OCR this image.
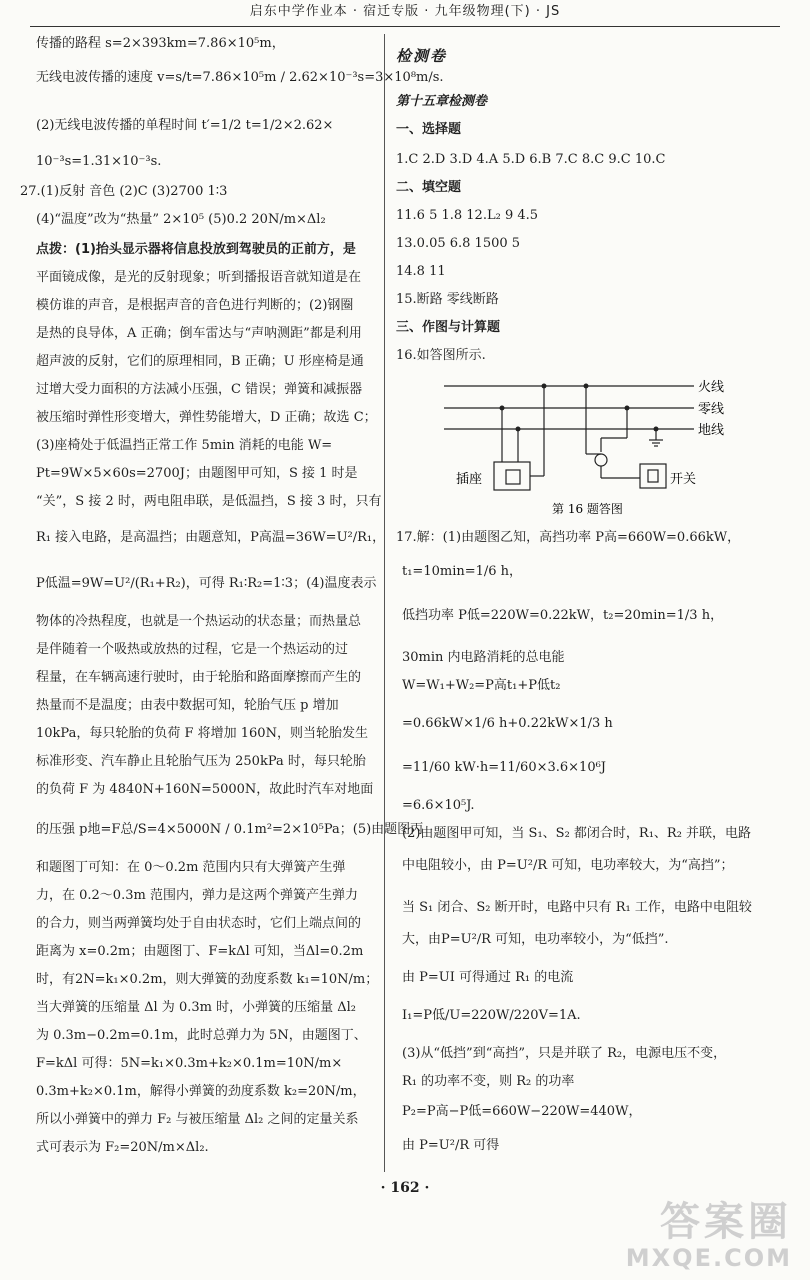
启东中学作业本 · 宿迁专版 · 九年级物理(下) · JS
传播的路程 s=2×393km=7.86×10⁵m，
无线电波传播的速度 v=s/t=7.86×10⁵m / 2.62×10⁻³s=3×10⁸m/s.
(2)无线电波传播的单程时间 t′=1/2 t=1/2×2.62×
10⁻³s=1.31×10⁻³s.
27.(1)反射 音色 (2)C (3)2700 1∶3
(4)“温度”改为“热量” 2×10⁵ (5)0.2 20N/m×Δl₂
点拨：(1)抬头显示器将信息投放到驾驶员的正前方，是
平面镜成像，是光的反射现象；听到播报语音就知道是在
模仿谁的声音，是根据声音的音色进行判断的；(2)钢圈
是热的良导体，A 正确；倒车雷达与“声呐测距”都是利用
超声波的反射，它们的原理相同，B 正确；U 形座椅是通
过增大受力面积的方法减小压强，C 错误；弹簧和减振器
被压缩时弹性形变增大，弹性势能增大，D 正确；故选 C；
(3)座椅处于低温挡正常工作 5min 消耗的电能 W=
Pt=9W×5×60s=2700J；由题图甲可知，S 接 1 时是
“关”，S 接 2 时，两电阻串联，是低温挡，S 接 3 时，只有
R₁ 接入电路，是高温挡；由题意知，P高温=36W=U²/R₁，
P低温=9W=U²/(R₁+R₂)，可得 R₁∶R₂=1∶3；(4)温度表示
物体的冷热程度，也就是一个热运动的状态量；而热量总
是伴随着一个吸热或放热的过程，它是一个热运动的过
程量，在车辆高速行驶时，由于轮胎和路面摩擦而产生的
热量而不是温度；由表中数据可知，轮胎气压 p 增加
10kPa，每只轮胎的负荷 F 将增加 160N，则当轮胎发生
标准形变、汽车静止且轮胎气压为 250kPa 时，每只轮胎
的负荷 F 为 4840N+160N=5000N，故此时汽车对地面
的压强 p地=F总/S=4×5000N / 0.1m²=2×10⁵Pa；(5)由题图丙
和题图丁可知：在 0～0.2m 范围内只有大弹簧产生弹
力，在 0.2～0.3m 范围内，弹力是这两个弹簧产生弹力
的合力，则当两弹簧均处于自由状态时，它们上端点间的
距离为 x=0.2m；由题图丁、F=kΔl 可知，当Δl=0.2m
时，有2N=k₁×0.2m，则大弹簧的劲度系数 k₁=10N/m；
当大弹簧的压缩量 Δl 为 0.3m 时，小弹簧的压缩量 Δl₂
为 0.3m−0.2m=0.1m，此时总弹力为 5N，由题图丁、
F=kΔl 可得：5N=k₁×0.3m+k₂×0.1m=10N/m×
0.3m+k₂×0.1m，解得小弹簧的劲度系数 k₂=20N/m，
所以小弹簧中的弹力 F₂ 与被压缩量 Δl₂ 之间的定量关系
式可表示为 F₂=20N/m×Δl₂.
检测卷
第十五章检测卷
一、选择题
1.C 2.D 3.D 4.A 5.D 6.B 7.C 8.C 9.C 10.C
二、填空题
11.6 5 1.8 12.L₂ 9 4.5
13.0.05 6.8 1500 5
14.8 11
15.断路 零线断路
三、作图与计算题
16.如答图所示.
火线
零线
地线
插座	开关
第 16 题答图
17.解：(1)由题图乙知，高挡功率 P高=660W=0.66kW，
t₁=10min=1/6 h，
低挡功率 P低=220W=0.22kW，t₂=20min=1/3 h，
30min 内电路消耗的总电能
W=W₁+W₂=P高t₁+P低t₂
=0.66kW×1/6 h+0.22kW×1/3 h
=11/60 kW·h=11/60×3.6×10⁶J
=6.6×10⁵J.
(2)由题图甲可知，当 S₁、S₂ 都闭合时，R₁、R₂ 并联，电路
中电阻较小，由 P=U²/R 可知，电功率较大，为“高挡”；
当 S₁ 闭合、S₂ 断开时，电路中只有 R₁ 工作，电路中电阻较
大，由P=U²/R 可知，电功率较小，为“低挡”.
由 P=UI 可得通过 R₁ 的电流
I₁=P低/U=220W/220V=1A.
(3)从“低挡”到“高挡”，只是并联了 R₂，电源电压不变，
R₁ 的功率不变，则 R₂ 的功率
P₂=P高−P低=660W−220W=440W，
由 P=U²/R 可得
· 162 ·
答案圈
MXQE.COM
